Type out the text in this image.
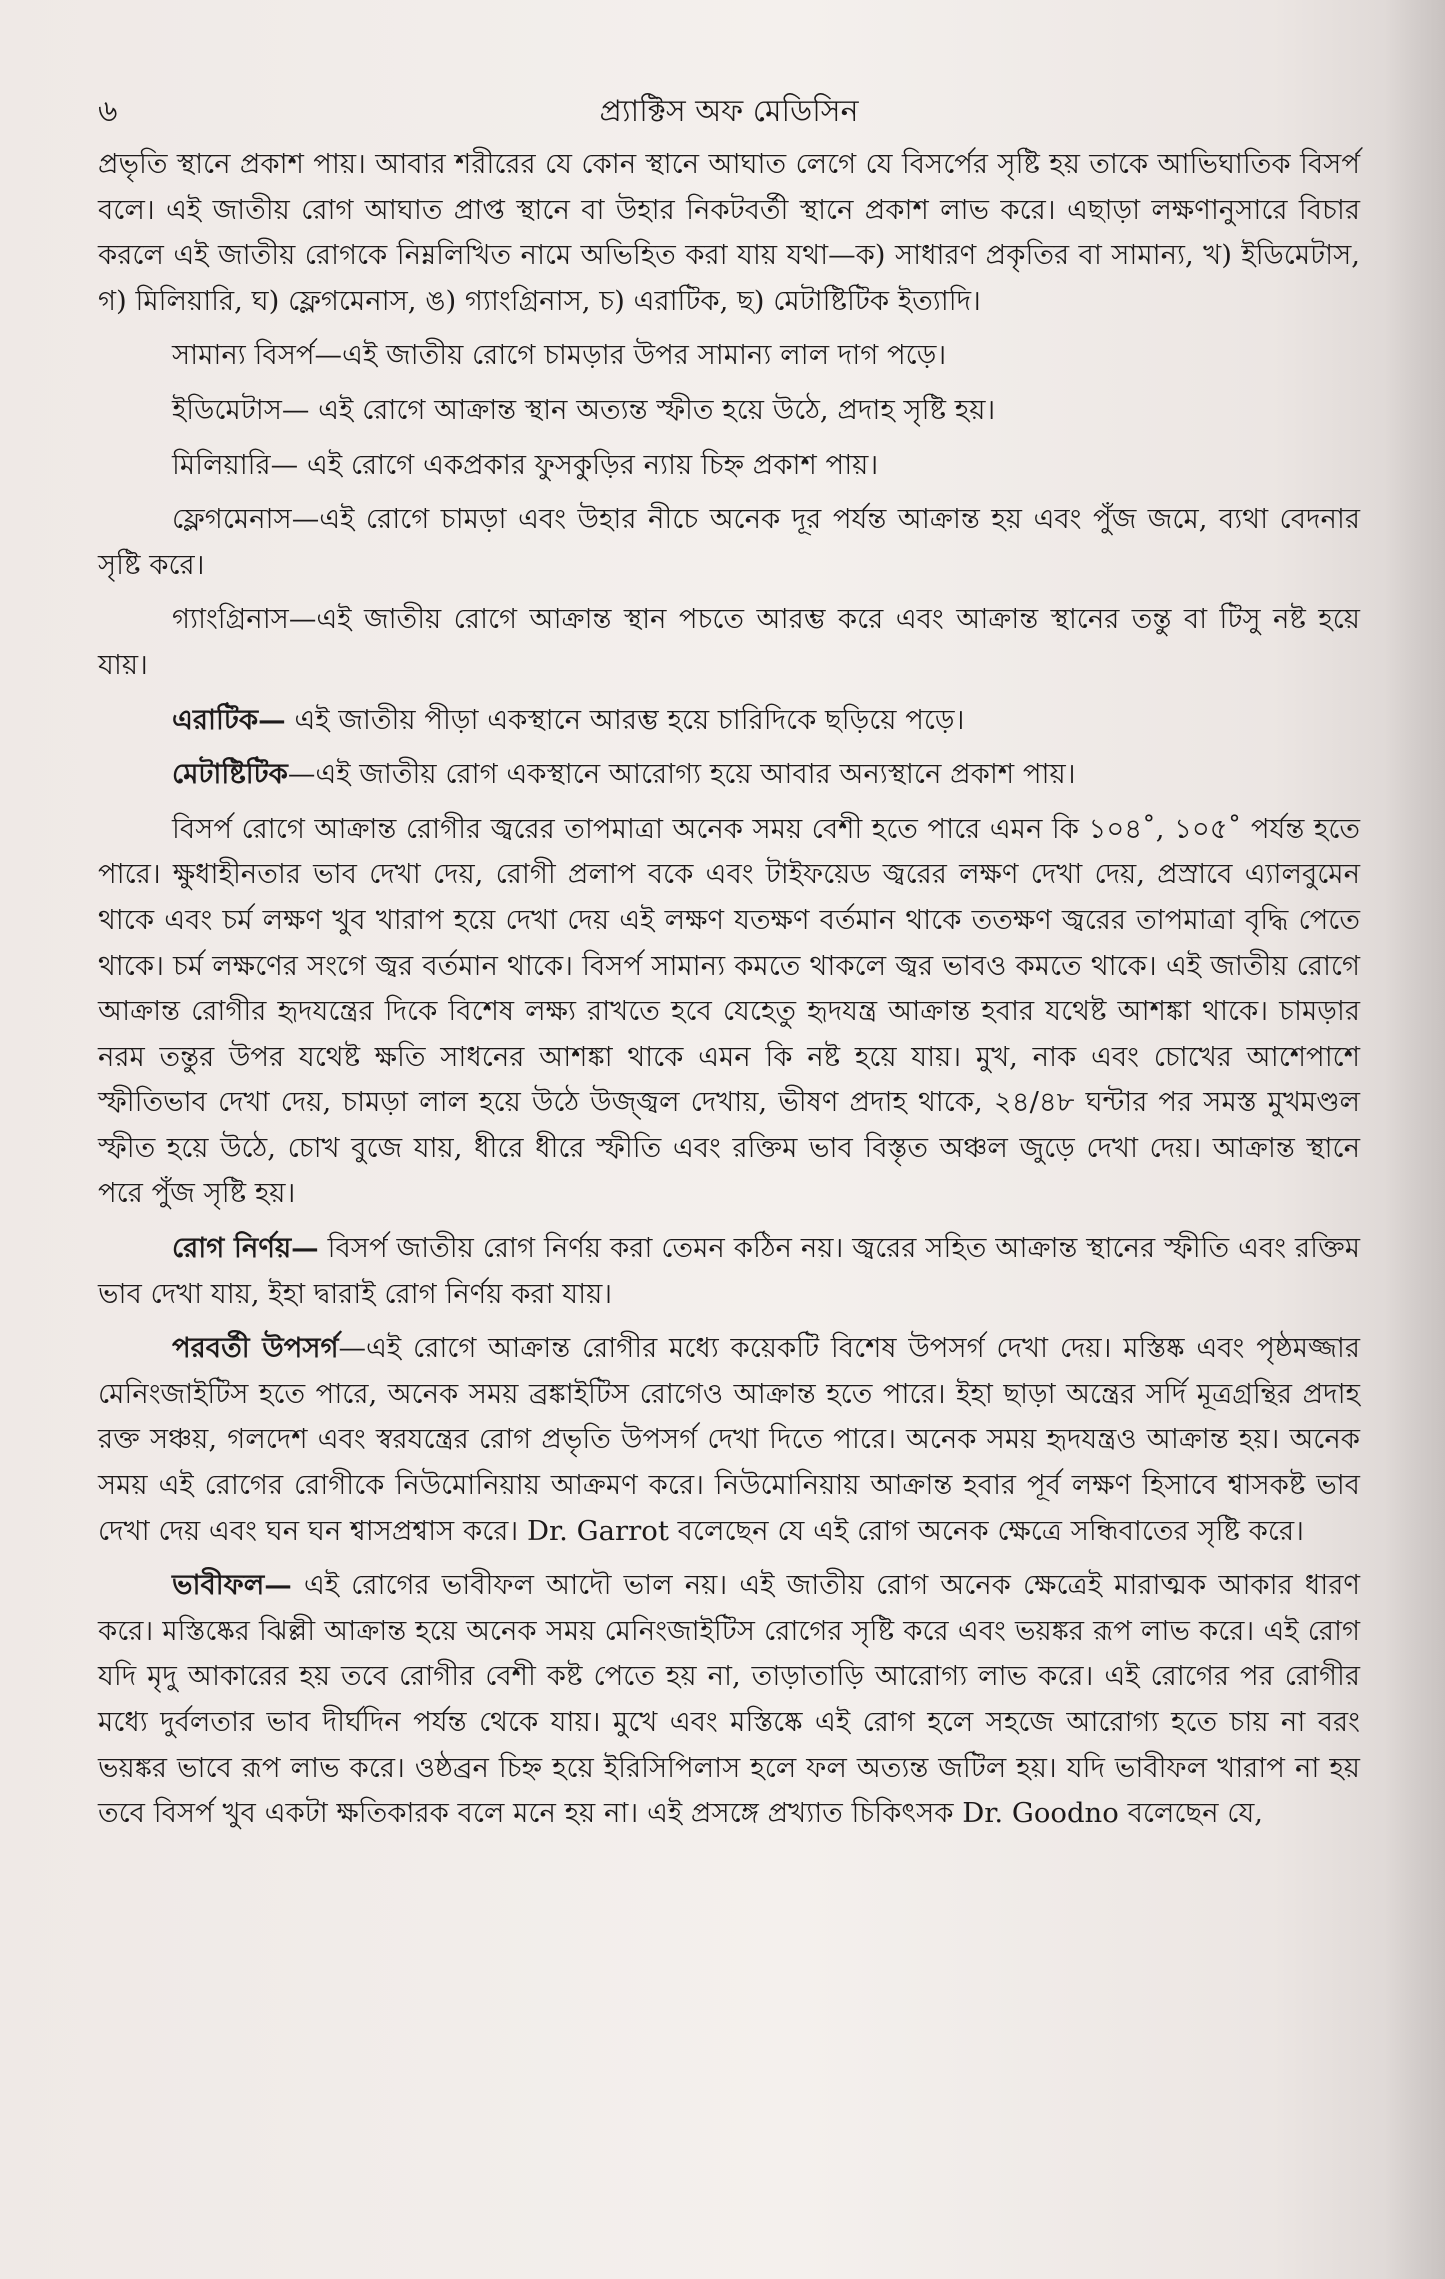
৬	প্র্যাক্টিস অফ মেডিসিন

প্রভৃতি স্থানে প্রকাশ পায়। আবার শরীরের যে কোন স্থানে আঘাত লেগে যে বিসর্পের সৃষ্টি হয় তাকে আভিঘাতিক বিসর্প বলে। এই জাতীয় রোগ আঘাত প্রাপ্ত স্থানে বা উহার নিকটবর্তী স্থানে প্রকাশ লাভ করে। এছাড়া লক্ষণানুসারে বিচার করলে এই জাতীয় রোগকে নিম্নলিখিত নামে অভিহিত করা যায় যথা—ক) সাধারণ প্রকৃতির বা সামান্য, খ) ইডিমেটাস, গ) মিলিয়ারি, ঘ) ফ্লেগমেনাস, ঙ) গ্যাংগ্রিনাস, চ) এরাটিক, ছ) মেটাষ্টিটিক ইত্যাদি।

সামান্য বিসর্প—এই জাতীয় রোগে চামড়ার উপর সামান্য লাল দাগ পড়ে।

ইডিমেটাস— এই রোগে আক্রান্ত স্থান অত্যন্ত স্ফীত হয়ে উঠে, প্রদাহ সৃষ্টি হয়।

মিলিয়ারি— এই রোগে একপ্রকার ফুসকুড়ির ন্যায় চিহ্ন প্রকাশ পায়।

ফ্লেগমেনাস—এই রোগে চামড়া এবং উহার নীচে অনেক দূর পর্যন্ত আক্রান্ত হয় এবং পুঁজ জমে, ব্যথা বেদনার সৃষ্টি করে।

গ্যাংগ্রিনাস—এই জাতীয় রোগে আক্রান্ত স্থান পচতে আরম্ভ করে এবং আক্রান্ত স্থানের তন্তু বা টিসু নষ্ট হয়ে যায়।

এরাটিক— এই জাতীয় পীড়া একস্থানে আরম্ভ হয়ে চারিদিকে ছড়িয়ে পড়ে।

মেটাষ্টিটিক—এই জাতীয় রোগ একস্থানে আরোগ্য হয়ে আবার অন্যস্থানে প্রকাশ পায়।

বিসর্প রোগে আক্রান্ত রোগীর জ্বরের তাপমাত্রা অনেক সময় বেশী হতে পারে এমন কি ১০৪˚, ১০৫˚ পর্যন্ত হতে পারে। ক্ষুধাহীনতার ভাব দেখা দেয়, রোগী প্রলাপ বকে এবং টাইফয়েড জ্বরের লক্ষণ দেখা দেয়, প্রস্রাবে এ্যালবুমেন থাকে এবং চর্ম লক্ষণ খুব খারাপ হয়ে দেখা দেয় এই লক্ষণ যতক্ষণ বর্তমান থাকে ততক্ষণ জ্বরের তাপমাত্রা বৃদ্ধি পেতে থাকে। চর্ম লক্ষণের সংগে জ্বর বর্তমান থাকে। বিসর্প সামান্য কমতে থাকলে জ্বর ভাবও কমতে থাকে। এই জাতীয় রোগে আক্রান্ত রোগীর হৃদযন্ত্রের দিকে বিশেষ লক্ষ্য রাখতে হবে যেহেতু হৃদযন্ত্র আক্রান্ত হবার যথেষ্ট আশঙ্কা থাকে। চামড়ার নরম তন্তুর উপর যথেষ্ট ক্ষতি সাধনের আশঙ্কা থাকে এমন কি নষ্ট হয়ে যায়। মুখ, নাক এবং চোখের আশেপাশে স্ফীতিভাব দেখা দেয়, চামড়া লাল হয়ে উঠে উজ্জ্বল দেখায়, ভীষণ প্রদাহ থাকে, ২৪/৪৮ ঘন্টার পর সমস্ত মুখমণ্ডল স্ফীত হয়ে উঠে, চোখ বুজে যায়, ধীরে ধীরে স্ফীতি এবং রক্তিম ভাব বিস্তৃত অঞ্চল জুড়ে দেখা দেয়। আক্রান্ত স্থানে পরে পুঁজ সৃষ্টি হয়।

রোগ নির্ণয়— বিসর্প জাতীয় রোগ নির্ণয় করা তেমন কঠিন নয়। জ্বরের সহিত আক্রান্ত স্থানের স্ফীতি এবং রক্তিম ভাব দেখা যায়, ইহা দ্বারাই রোগ নির্ণয় করা যায়।

পরবর্তী উপসর্গ—এই রোগে আক্রান্ত রোগীর মধ্যে কয়েকটি বিশেষ উপসর্গ দেখা দেয়। মস্তিষ্ক এবং পৃষ্ঠমজ্জার মেনিংজাইটিস হতে পারে, অনেক সময় ব্রঙ্কাইটিস রোগেও আক্রান্ত হতে পারে। ইহা ছাড়া অন্ত্রের সর্দি মূত্রগ্রন্থির প্রদাহ রক্ত সঞ্চয়, গলদেশ এবং স্বরযন্ত্রের রোগ প্রভৃতি উপসর্গ দেখা দিতে পারে। অনেক সময় হৃদযন্ত্রও আক্রান্ত হয়। অনেক সময় এই রোগের রোগীকে নিউমোনিয়ায় আক্রমণ করে। নিউমোনিয়ায় আক্রান্ত হবার পূর্ব লক্ষণ হিসাবে শ্বাসকষ্ট ভাব দেখা দেয় এবং ঘন ঘন শ্বাসপ্রশ্বাস করে। Dr. Garrot বলেছেন যে এই রোগ অনেক ক্ষেত্রে সন্ধিবাতের সৃষ্টি করে।

ভাবীফল— এই রোগের ভাবীফল আদৌ ভাল নয়। এই জাতীয় রোগ অনেক ক্ষেত্রেই মারাত্মক আকার ধারণ করে। মস্তিষ্কের ঝিল্লী আক্রান্ত হয়ে অনেক সময় মেনিংজাইটিস রোগের সৃষ্টি করে এবং ভয়ঙ্কর রূপ লাভ করে। এই রোগ যদি মৃদু আকারের হয় তবে রোগীর বেশী কষ্ট পেতে হয় না, তাড়াতাড়ি আরোগ্য লাভ করে। এই রোগের পর রোগীর মধ্যে দুর্বলতার ভাব দীর্ঘদিন পর্যন্ত থেকে যায়। মুখে এবং মস্তিষ্কে এই রোগ হলে সহজে আরোগ্য হতে চায় না বরং ভয়ঙ্কর ভাবে রূপ লাভ করে। ওষ্ঠব্রন চিহ্ন হয়ে ইরিসিপিলাস হলে ফল অত্যন্ত জটিল হয়। যদি ভাবীফল খারাপ না হয় তবে বিসর্প খুব একটা ক্ষতিকারক বলে মনে হয় না। এই প্রসঙ্গে প্রখ্যাত চিকিৎসক Dr. Goodno বলেছেন যে,
